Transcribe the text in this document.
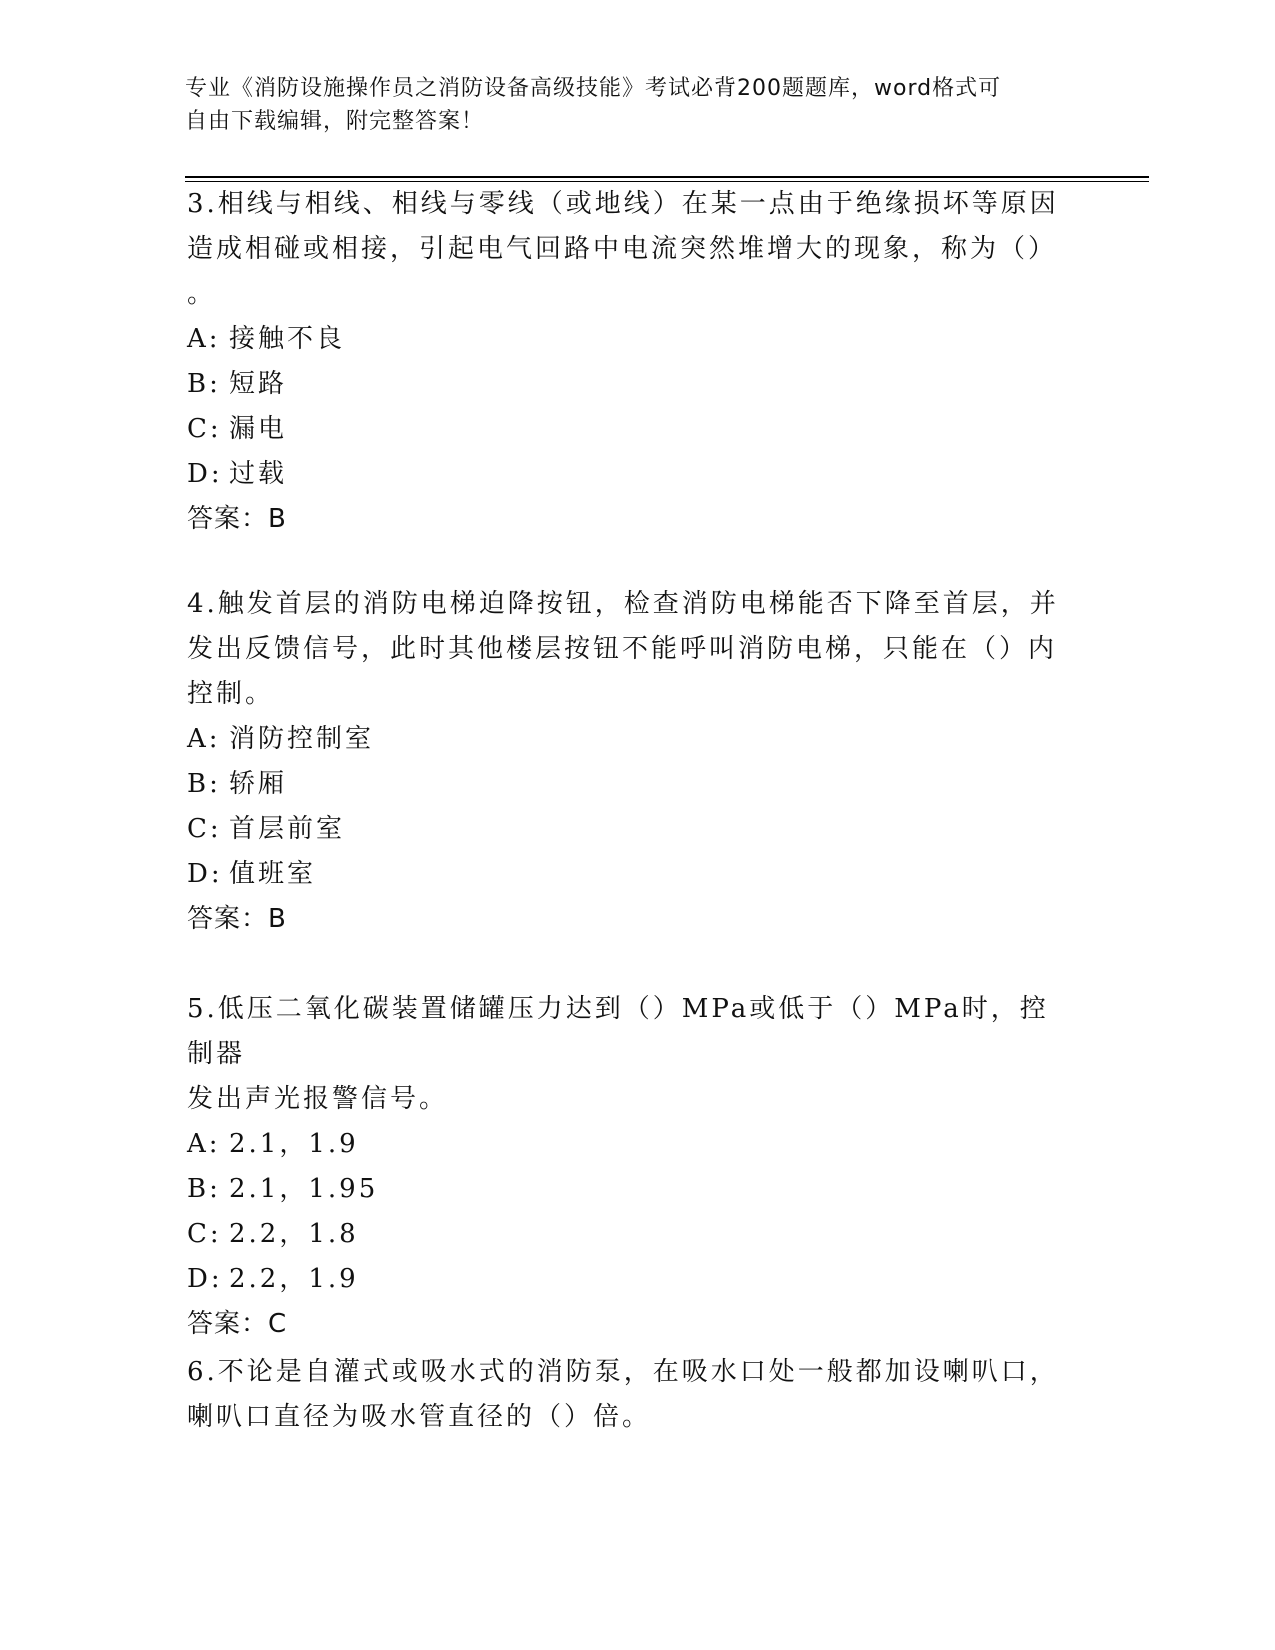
专业《消防设施操作员之消防设备高级技能》考试必背200题题库，word格式可
自由下载编辑，附完整答案！

3.相线与相线、相线与零线（或地线）在某一点由于绝缘损坏等原因

造成相碰或相接，引起电气回路中电流突然堆增大的现象，称为（）

。

A: 接触不良

B: 短路

C: 漏电

D: 过载

答案：B

4.触发首层的消防电梯迫降按钮，检查消防电梯能否下降至首层，并

发出反馈信号，此时其他楼层按钮不能呼叫消防电梯，只能在（）内

控制。

A: 消防控制室

B: 轿厢

C: 首层前室

D: 值班室

答案：B

5.低压二氧化碳装置储罐压力达到（）MPa或低于（）MPa时，控制器

发出声光报警信号。

A: 2.1，1.9

B: 2.1，1.95

C: 2.2，1.8

D: 2.2，1.9

答案：C

6.不论是自灌式或吸水式的消防泵，在吸水口处一般都加设喇叭口，

喇叭口直径为吸水管直径的（）倍。
